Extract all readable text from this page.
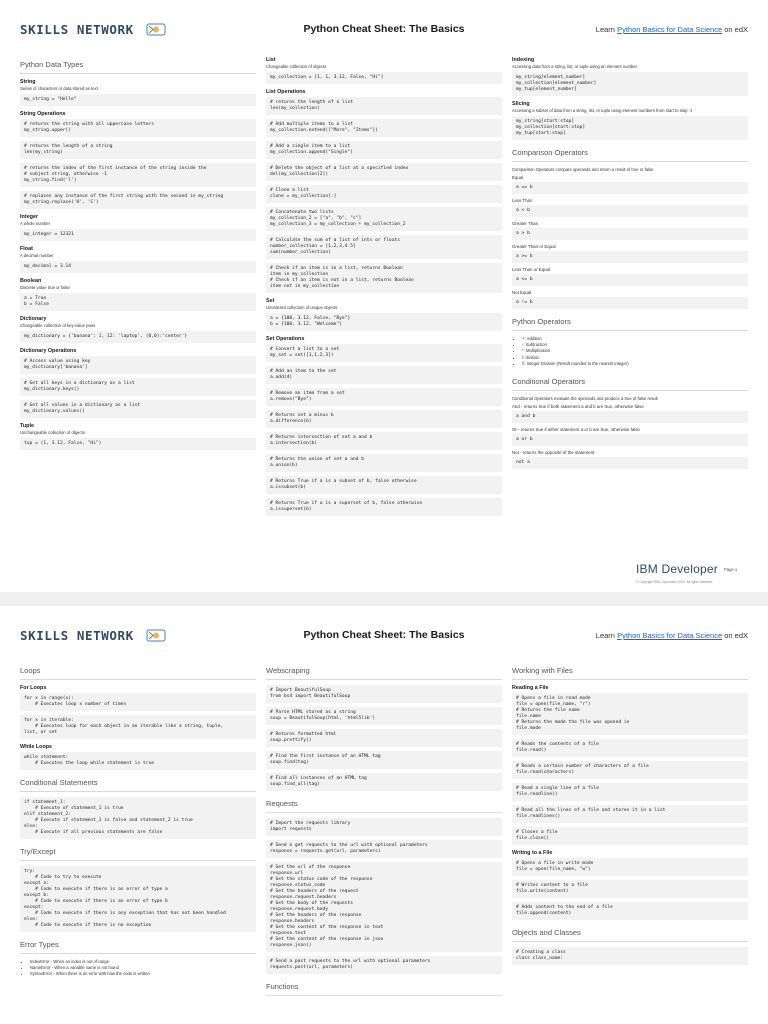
SKILLS NETWORK	Python Cheat Sheet: The Basics	Learn Python Basics for Data Science on edX
Python Data Types
String
Series of characters or data stored as text
my_string = "Hello"
String Operations
# returns the string with all uppercase letters
my_string.upper()
# returns the length of a string
len(my_string)
# returns the index of the first instance of the string inside the
# subject string, otherwise -1
my_string.find('l')
# replaces any instance of the first string with the second in my_string
my_string.replace('H', 'C')
Integer
A whole number
my_integer = 12321
Float
A decimal number
my_decimal = 3.14
Boolean
Discrete value true or false
a = True
b = False
Dictionary
Changeable collection of key-value pairs
my_dictionary = {'banana': 1, 12: 'laptop', (0,0):'center'}
Dictionary Operations
# Access value using key
my_dictionary['banana']
# Get all keys in a dictionary as a list
my_dictionary.keys()
# Get all values in a dictionary as a list
my_dictionary.values()
Tuple
Unchangeable collection of objects
tup = (1, 3.12, False, "Hi")
List
Changeable collection of objects
my_collection = [1, 1, 3.12, False, "Hi"]
List Operations
# returns the length of a list
len(my_collection)
# Add multiple items to a list
my_collection.extend(["More", "Items"])
# Add a single item to a list
my_collection.append("Single")
# Delete the object of a list at a specified index
del(my_collection[2])
# Clone a list
clone = my_collection[:]
# Concatenate two lists
my_collection_2 = ["a", "b", "c"]
my_collection_3 = my_collection + my_collection_2
# Calculate the sum of a list of ints or floats
number_collection = [1,2,3,4.5]
sum(number_collection)
# Check if an item is in a list, returns Boolean
item in my_collection
# Check if an item is not in a list, returns Boolean
item not in my_collection
Set
Unordered collection of unique objects
a = {100, 3.12, False, "Bye"}
b = {100, 3.12, "Welcome"}
Set Operations
# Convert a list to a set
my_set = set([1,1,2,3])
# Add an item to the set
a.add(4)
# Remove an item from a set
a.remove("Bye")
# Returns set a minus b
a.difference(b)
# Returns intersection of set a and b
a.intersection(b)
# Returns the union of set a and b
a.union(b)
# Returns True if a is a subset of b, false otherwise
a.issubset(b)
# Returns True if a is a superset of b, false otherwise
a.issuperset(b)
Indexing
Accessing data from a string, list, or tuple using an element number
my_string[element_number]
my_collection[element_number]
my_tup[element_number]
Slicing
Accessing a subset of data from a string, list, or tuple using element numbers from start to stop -1
my_string[start:stop]
my_collection[start:stop]
my_tup[start:stop]
Comparison Operators
Comparison Operators compare operands and return a result of true or false
Equal
a == b
Less Than
a < b
Greater Than
a > b
Greater Than or Equal
a >= b
Less Than or Equal
a <= b
Not Equal
a != b
Python Operators
• +: Addition
• -: Subtraction
• *: Multiplication
• /: division
• //: Integer Division (Result rounded to the nearest integer)
Conditional Operators
Conditional Operators evaluate the operands and produce a true of false result
And - returns true if both statement a and b are true, otherwise false
a and b
Or - returns true if either statement a or b are true, otherwise false
a or b
Not - returns the opposite of the statement
not a
IBM Developer Page 1
© Copyright IBM Corporation 2021. All rights reserved.
SKILLS NETWORK	Python Cheat Sheet: The Basics	Learn Python Basics for Data Science on edX
Loops
For Loops
for x in range(x):
# Executes loop x number of times
for x in iterable:
# Executes loop for each object in an iterable like a string, tuple,
list, or set
While Loops
while statement:
# Executes the loop while statement is true
Conditional Statements
if statement_1:
# Execute of statement_1 is true
elif statement_2:
# Execute if statement_1 is false and statement_2 is true
else:
# Execute if all previous statements are false
Try/Except
try:
# Code to try to execute
except a:
# Code to execute if there is an error of type a
except b:
# Code to execute if there is an error of type b
except:
# Code to execute if there is any exception that has not been handled
else:
# Code to execute if there is no exception
Error Types
• IndexError - When an index is out of range
• NameError - When a variable name is not found
• SyntaxError - When there is an error with how the code is written
Webscraping
# Import BeautifulSoup
from bs4 import BeautifulSoup
# Parse HTML stored as a string
soup = BeautifulSoup(html, 'html5lib')
# Returns formatted html
soup.prettify()
# Find the first instance of an HTML tag
soup.find(tag)
# Find all instances of an HTML tag
soup.find_all(tag)
Requests
# Import the requests library
import requests
# Send a get requests to the url with optional parameters
response = requests.get(url, parameters)
# Get the url of the response
response.url
# Get the status code of the response
response.status_code
# Get the headers of the request
response.request.headers
# Get the body of the requests
response.request.body
# Get the headers of the response
response.headers
# Get the content of the response in text
response.text
# Get the content of the response in json
response.json()
# Send a post requests to the url with optional parameters
requests.post(url, parameters)
Functions
Working with Files
Reading a File
# Opens a file in read mode
file = open(file_name, "r")
# Returns the file name
file.name
# Returns the mode the file was opened in
file.mode
# Reads the contents of a file
file.read()
# Reads a certain number of characters of a file
file.read(characters)
# Read a single line of a file
file.readline()
# Read all the lines of a file and stores it in a list
file.readlines()
# Closes a file
file.close()
Writing to a File
# Opens a file in write mode
file = open(file_name, "w")
# Writes content to a file
file.write(content)
# Adds content to the end of a file
file.append(content)
Objects and Classes
# Creating a class
class class_name:
